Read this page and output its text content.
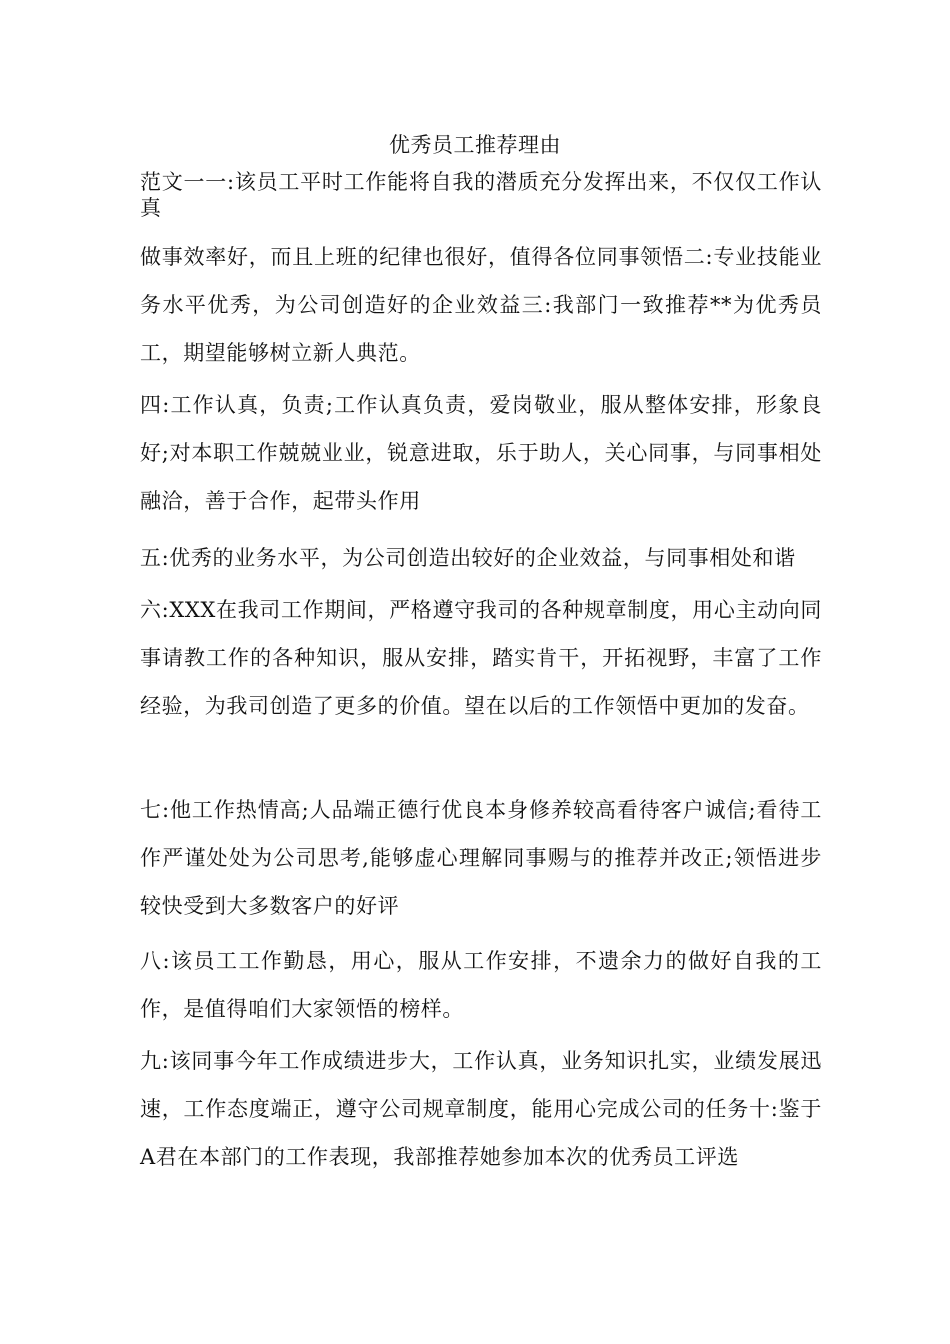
优秀员工推荐理由
范文一一:该员工平时工作能将自我的潜质充分发挥出来，不仅仅工作认真
做事效率好，而且上班的纪律也很好，值得各位同事领悟二:专业技能业务水平优秀，为公司创造好的企业效益三:我部门一致推荐**为优秀员工，期望能够树立新人典范。
四:工作认真，负责;工作认真负责，爱岗敬业，服从整体安排，形象良好;对本职工作兢兢业业，锐意进取，乐于助人，关心同事，与同事相处融洽，善于合作，起带头作用
五:优秀的业务水平，为公司创造出较好的企业效益，与同事相处和谐
六:XXX在我司工作期间，严格遵守我司的各种规章制度，用心主动向同事请教工作的各种知识，服从安排，踏实肯干，开拓视野，丰富了工作经验，为我司创造了更多的价值。望在以后的工作领悟中更加的发奋。
七:他工作热情高;人品端正德行优良本身修养较高看待客户诚信;看待工作严谨处处为公司思考,能够虚心理解同事赐与的推荐并改正;领悟进步较快受到大多数客户的好评
八:该员工工作勤恳，用心，服从工作安排，不遗余力的做好自我的工作，是值得咱们大家领悟的榜样。
九:该同事今年工作成绩进步大，工作认真，业务知识扎实，业绩发展迅速，工作态度端正，遵守公司规章制度，能用心完成公司的任务十:鉴于A君在本部门的工作表现，我部推荐她参加本次的优秀员工评选
